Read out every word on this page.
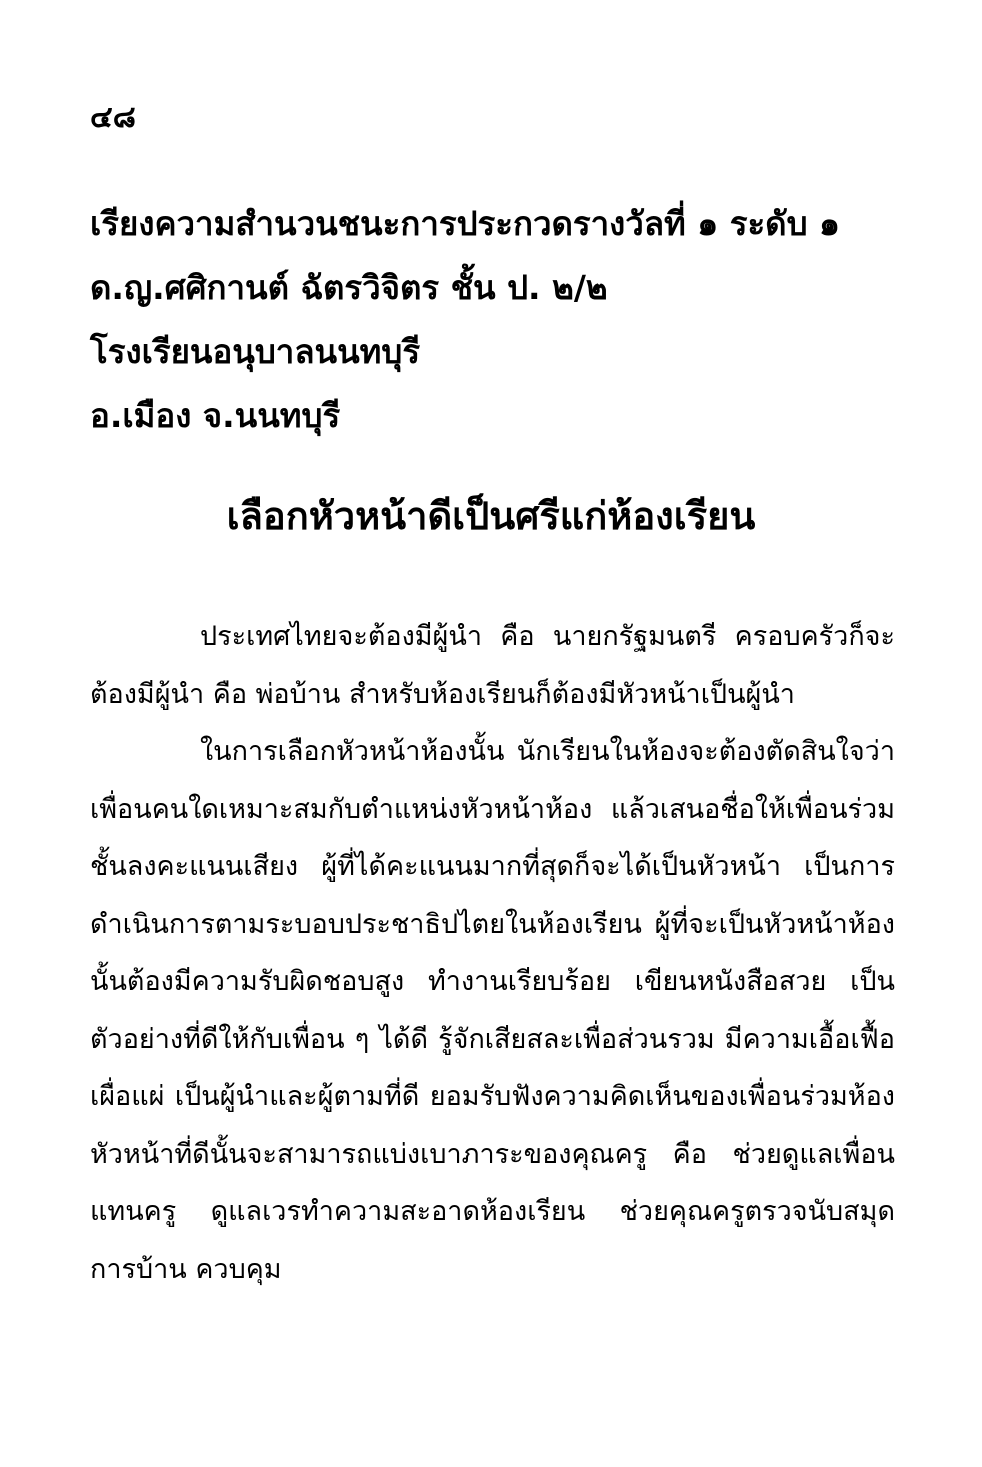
๔๘
เรียงความสำนวนชนะการประกวดรางวัลที่ ๑ ระดับ ๑
ด.ญ.ศศิกานต์ ฉัตรวิจิตร ชั้น ป. ๒/๒
โรงเรียนอนุบาลนนทบุรี
อ.เมือง จ.นนทบุรี
เลือกหัวหน้าดีเป็นศรีแก่ห้องเรียน

ประเทศไทยจะต้องมีผู้นำ คือ นายกรัฐมนตรี ครอบครัวก็จะต้องมีผู้นำ คือ พ่อบ้าน สำหรับห้องเรียนก็ต้องมีหัวหน้าเป็นผู้นำ

ในการเลือกหัวหน้าห้องนั้น นักเรียนในห้องจะต้องตัดสินใจว่า เพื่อนคนใดเหมาะสมกับตำแหน่งหัวหน้าห้อง แล้วเสนอชื่อให้เพื่อนร่วมชั้นลงคะแนนเสียง ผู้ที่ได้คะแนนมากที่สุดก็จะได้เป็นหัวหน้า เป็นการดำเนินการตามระบอบประชาธิปไตยในห้องเรียน ผู้ที่จะเป็นหัวหน้าห้องนั้นต้องมีความรับผิดชอบสูง ทำงานเรียบร้อย เขียนหนังสือสวย เป็นตัวอย่างที่ดีให้กับเพื่อน ๆ ได้ดี รู้จักเสียสละเพื่อส่วนรวม มีความเอื้อเฟื้อเผื่อแผ่ เป็นผู้นำและผู้ตามที่ดี ยอมรับฟังความคิดเห็นของเพื่อนร่วมห้อง หัวหน้าที่ดีนั้นจะสามารถแบ่งเบาภาระของคุณครู คือ ช่วยดูแลเพื่อนแทนครู ดูแลเวรทำความสะอาดห้องเรียน ช่วยคุณครูตรวจนับสมุดการบ้าน ควบคุม
